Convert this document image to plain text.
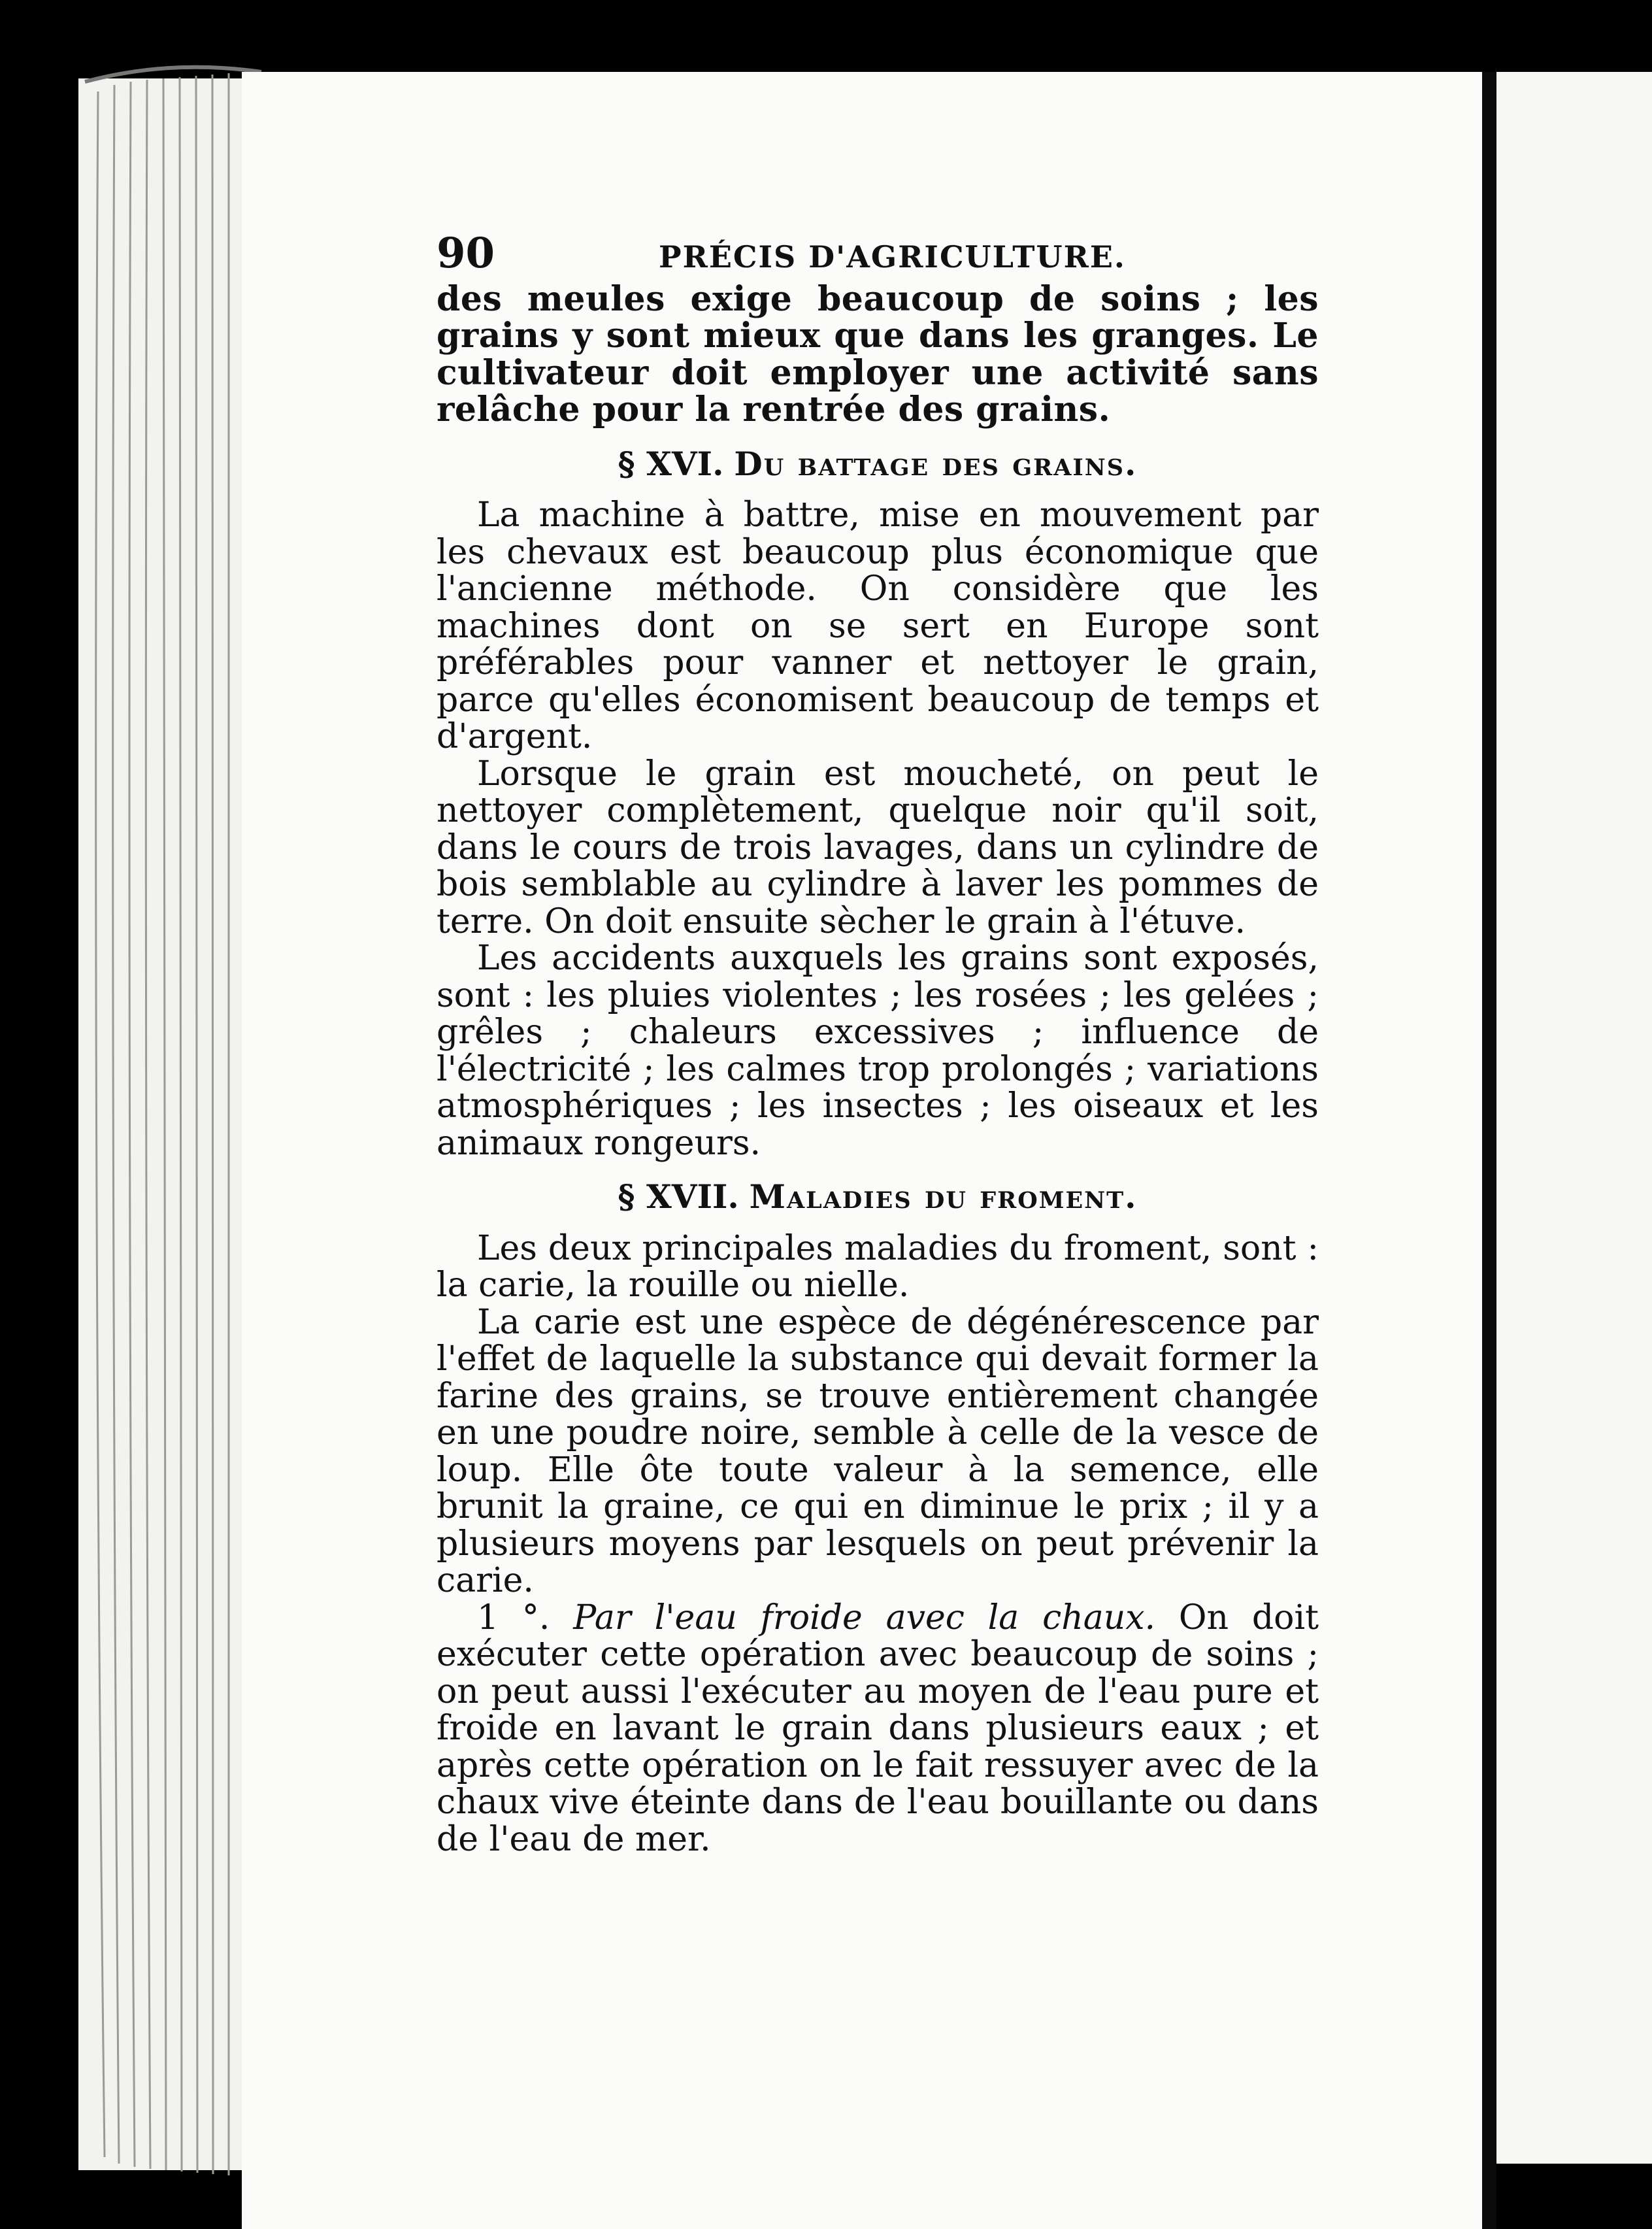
90	PRÉCIS D'AGRICULTURE.

des meules exige beaucoup de soins ; les grains y sont mieux que dans les granges. Le cultivateur doit employer une activité sans relâche pour la rentrée des grains.

§ XVI. Du battage des grains.

La machine à battre, mise en mouvement par les chevaux est beaucoup plus économique que l'ancienne méthode. On considère que les machines dont on se sert en Europe sont préférables pour vanner et nettoyer le grain, parce qu'elles économisent beaucoup de temps et d'argent.

Lorsque le grain est moucheté, on peut le nettoyer complètement, quelque noir qu'il soit, dans le cours de trois lavages, dans un cylindre de bois semblable au cylindre à laver les pommes de terre. On doit ensuite sècher le grain à l'étuve.

Les accidents auxquels les grains sont exposés, sont : les pluies violentes ; les rosées ; les gelées ; grêles ; chaleurs excessives ; influence de l'électricité ; les calmes trop prolongés ; variations atmosphériques ; les insectes ; les oiseaux et les animaux rongeurs.

§ XVII. Maladies du froment.

Les deux principales maladies du froment, sont : la carie, la rouille ou nielle.

La carie est une espèce de dégénérescence par l'effet de laquelle la substance qui devait former la farine des grains, se trouve entièrement changée en une poudre noire, semble à celle de la vesce de loup. Elle ôte toute valeur à la semence, elle brunit la graine, ce qui en diminue le prix ; il y a plusieurs moyens par lesquels on peut prévenir la carie.

1 °. Par l'eau froide avec la chaux. On doit exécuter cette opération avec beaucoup de soins ; on peut aussi l'exécuter au moyen de l'eau pure et froide en lavant le grain dans plusieurs eaux ; et après cette opération on le fait ressuyer avec de la chaux vive éteinte dans de l'eau bouillante ou dans de l'eau de mer.
